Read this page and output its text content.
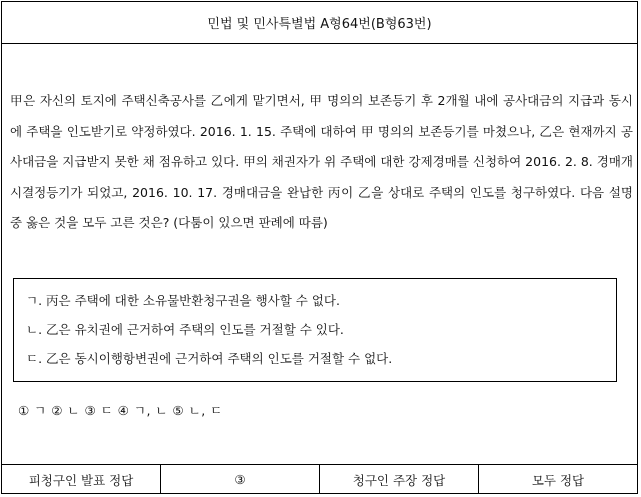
민법 및 민사특별법 A형64번(B형63번)
甲은 자신의 토지에 주택신축공사를 乙에게 맡기면서, 甲 명의의 보존등기 후 2개월 내에 공사대금의 지급과 동시에 주택을 인도받기로 약정하였다. 2016. 1. 15. 주택에 대하여 甲 명의의 보존등기를 마쳤으나, 乙은 현재까지 공사대금을 지급받지 못한 채 점유하고 있다. 甲의 채권자가 위 주택에 대한 강제경매를 신청하여 2016. 2. 8. 경매개시결정등기가 되었고, 2016. 10. 17. 경매대금을 완납한 丙이 乙을 상대로 주택의 인도를 청구하였다. 다음 설명 중 옳은 것을 모두 고른 것은? (다툼이 있으면 판례에 따름)
ㄱ. 丙은 주택에 대한 소유물반환청구권을 행사할 수 없다.
ㄴ. 乙은 유치권에 근거하여 주택의 인도를 거절할 수 있다.
ㄷ. 乙은 동시이행항변권에 근거하여 주택의 인도를 거절할 수 없다.
① ㄱ ② ㄴ ③ ㄷ ④ ㄱ, ㄴ ⑤ ㄴ, ㄷ
피청구인 발표 정답	③	청구인 주장 정답	모두 정답
